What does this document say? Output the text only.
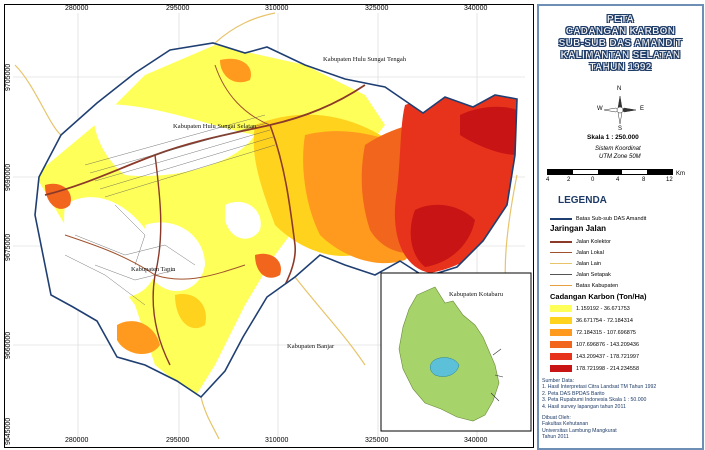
280000	295000	310000	325000	340000
280000	295000	310000	325000	340000
9705000
9690000
9675000
9660000
9645000
Kabupaten Hulu Sungai Tengah
Kabupaten Hulu Sungai Selatan
Kabupaten Tapin
Kabupaten Banjar
Kabupaten Kotabaru
PETA
CADANGAN KARBON
SUB-SUB DAS AMANDIT
KALIMANTAN SELATAN
TAHUN 1992
N
S
W	E
Skala 1 : 250.000
Sistem Koordinat
UTM Zone 50M
4	2	0	4	8	12
Km
LEGENDA
Batas Sub-sub DAS Amandit
Jaringan Jalan
Jalan Kolektor
Jalan Lokal
Jalan Lain
Jalan Setapak
Batas Kabupaten
Cadangan Karbon (Ton/Ha)
1.159192 - 36.671753
36.671754 - 72.184314
72.184315 - 107.696875
107.696876 - 143.209436
143.209437 - 178.721997
178.721998 - 214.234558
Sumber Data:
1. Hasil Interpretasi Citra Landsat TM Tahun 1992
2. Peta DAS BPDAS Barito
3. Peta Rupabumi Indonesia Skala 1 : 50.000
4. Hasil survey lapangan tahun 2011
Dibuat Oleh:
Fakultas Kehutanan
Universitas Lambung Mangkurat
Tahun 2011
